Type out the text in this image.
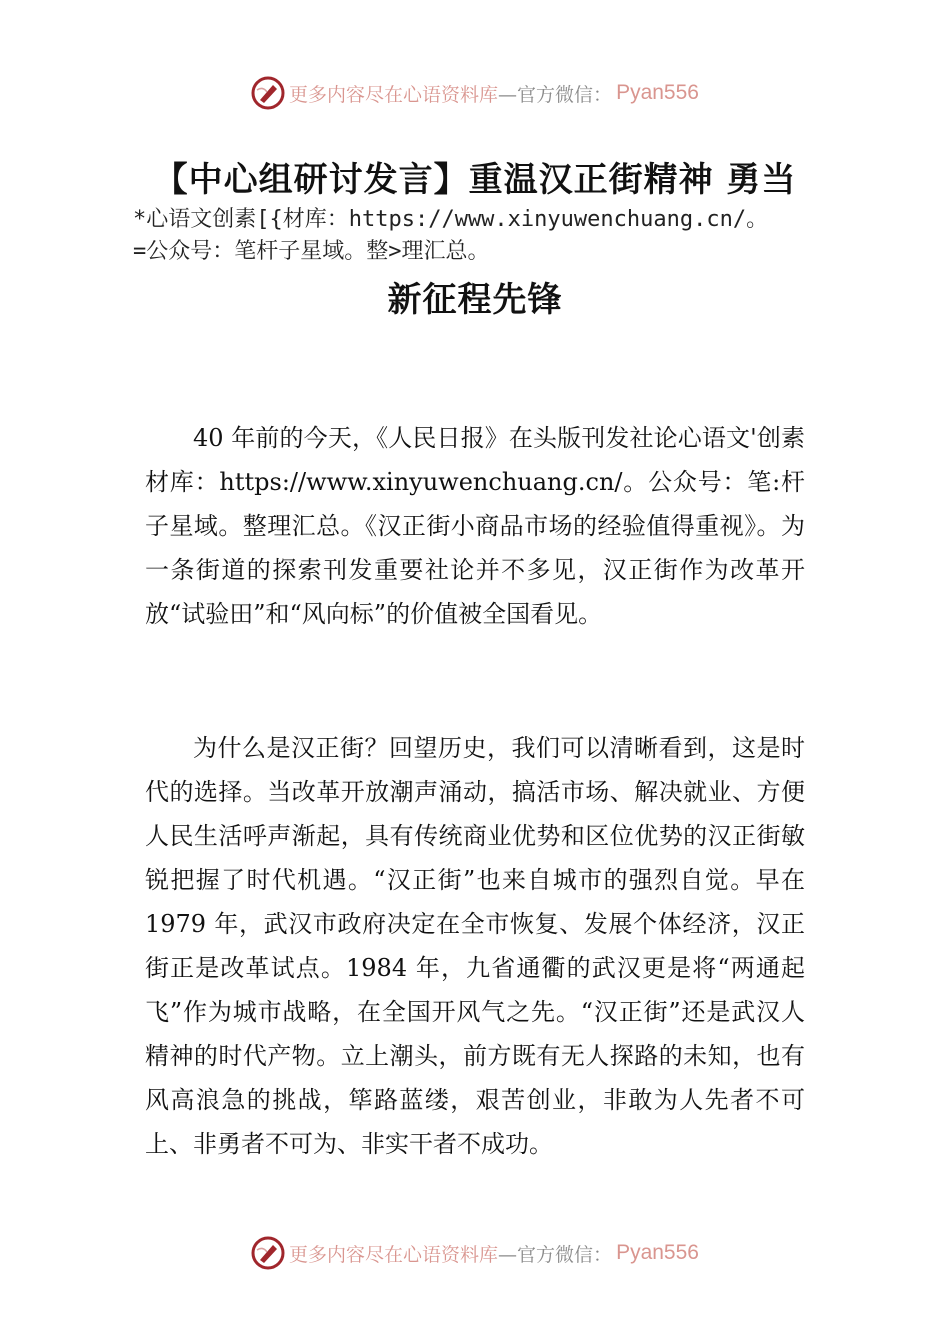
更多内容尽在心语资料库 —官方微信： Pyan556
【中心组研讨发言】重温汉正街精神 勇当
*心语文创素[{材库：https://www.xinyuwenchuang.cn/。
=公众号：笔杆子星域。整>理汇总。
新征程先锋
40 年前的今天，《人民日报》在头版刊发社论心语文'创素材库：https://www.xinyuwenchuang.cn/。公众号：笔:杆子星域。整理汇总。《汉正街小商品市场的经验值得重视》。为一条街道的探索刊发重要社论并不多见，汉正街作为改革开放“试验田”和“风向标”的价值被全国看见。
为什么是汉正街？回望历史，我们可以清晰看到，这是时代的选择。当改革开放潮声涌动，搞活市场、解决就业、方便人民生活呼声渐起，具有传统商业优势和区位优势的汉正街敏锐把握了时代机遇。“汉正街”也来自城市的强烈自觉。早在 1979 年，武汉市政府决定在全市恢复、发展个体经济，汉正街正是改革试点。1984 年，九省通衢的武汉更是将“两通起飞”作为城市战略，在全国开风气之先。“汉正街”还是武汉人精神的时代产物。立上潮头，前方既有无人探路的未知，也有风高浪急的挑战，筚路蓝缕，艰苦创业，非敢为人先者不可上、非勇者不可为、非实干者不成功。
更多内容尽在心语资料库 —官方微信： Pyan556
